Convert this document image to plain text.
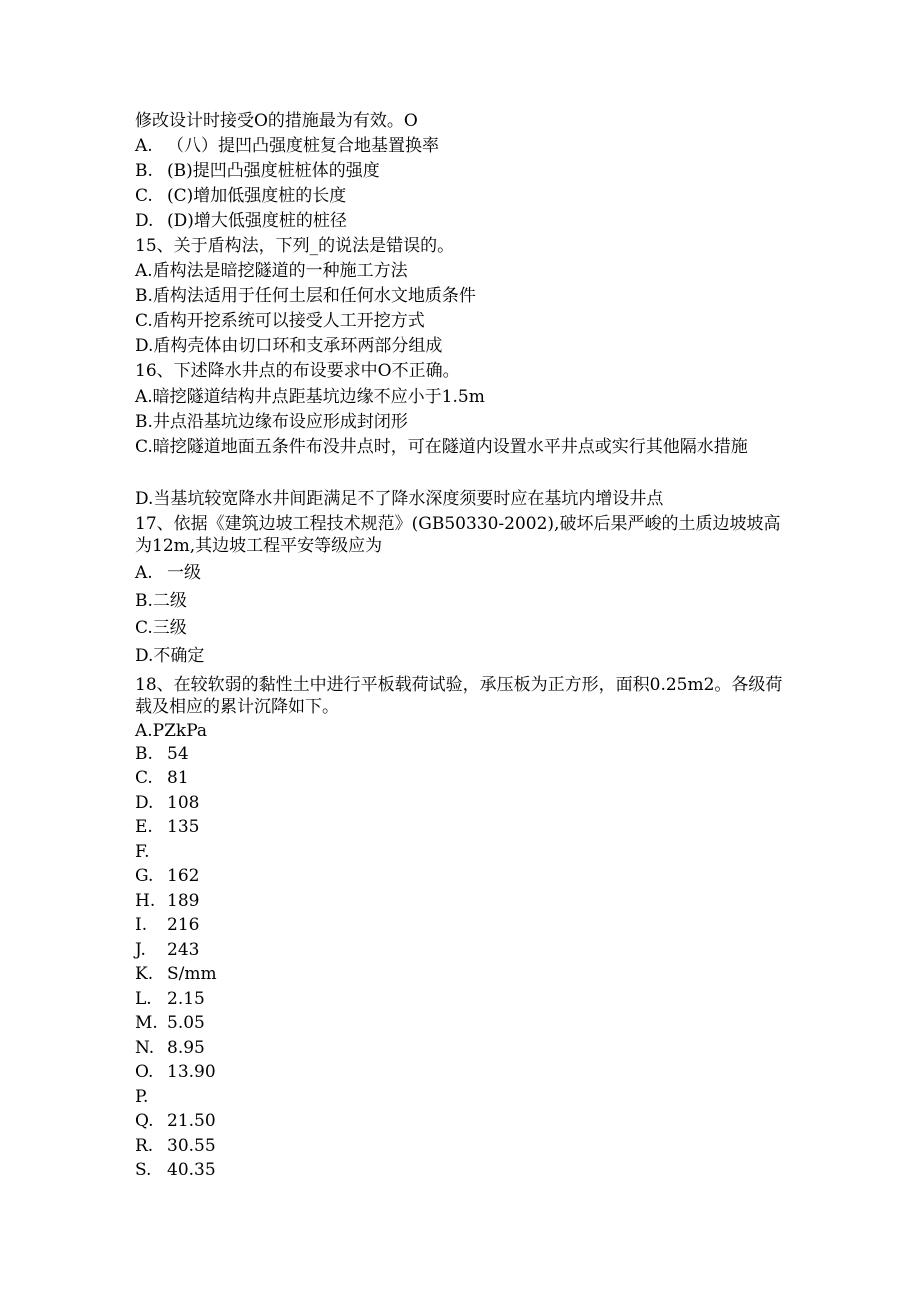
修改设计时接受O的措施最为有效。O
A. （八）提凹凸强度桩复合地基置换率
B. (B)提凹凸强度桩桩体的强度
C. (C)增加低强度桩的长度
D. (D)增大低强度桩的桩径
15、关于盾构法，下列_的说法是错误的。
A.盾构法是暗挖隧道的一种施工方法
B.盾构法适用于任何土层和任何水文地质条件
C.盾构开挖系统可以接受人工开挖方式
D.盾构壳体由切口环和支承环两部分组成
16、下述降水井点的布设要求中O不正确。
A.暗挖隧道结构井点距基坑边缘不应小于1.5m
B.井点沿基坑边缘布设应形成封闭形
C.暗挖隧道地面五条件布没井点时，可在隧道内设置水平井点或实行其他隔水措施
D.当基坑较宽降水井间距满足不了降水深度须要时应在基坑内增设井点
17、依据《建筑边坡工程技术规范》(GB50330-2002),破坏后果严峻的土质边坡坡高为12m,其边坡工程平安等级应为
A. 一级
B.二级
C.三级
D.不确定
18、在较软弱的黏性土中进行平板载荷试验，承压板为正方形，面积0.25m2。各级荷载及相应的累计沉降如下。
A.PZkPa
B. 54
C. 81
D. 108
E. 135
F.
G. 162
H. 189
I. 216
J. 243
K. S/mm
L. 2.15
M. 5.05
N. 8.95
O. 13.90
P.
Q. 21.50
R. 30.55
S. 40.35
